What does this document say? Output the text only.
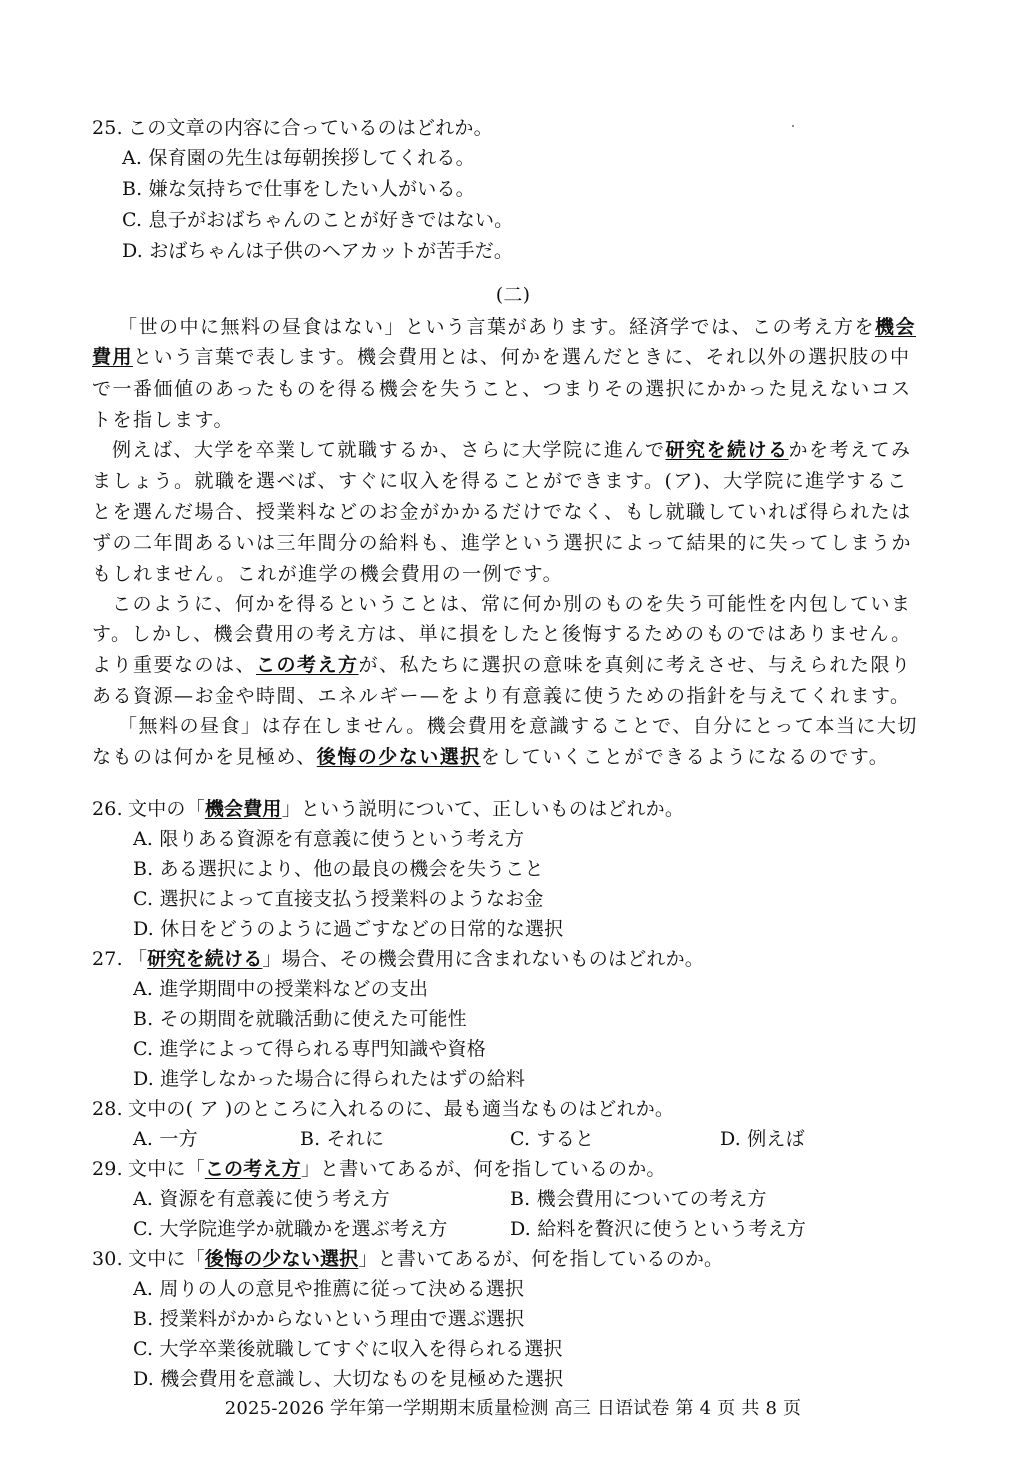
25. この文章の内容に合っているのはどれか。
A. 保育園の先生は毎朝挨拶してくれる。
B. 嫌な気持ちで仕事をしたい人がいる。
C. 息子がおばちゃんのことが好きではない。
D. おばちゃんは子供のヘアカットが苦手だ。
(二)
「世の中に無料の昼食はない」という言葉があります。経済学では、この考え方を機会
費用という言葉で表します。機会費用とは、何かを選んだときに、それ以外の選択肢の中
で一番価値のあったものを得る機会を失うこと、つまりその選択にかかった見えないコス
トを指します。
例えば、大学を卒業して就職するか、さらに大学院に進んで研究を続けるかを考えてみ
ましょう。就職を選べば、すぐに収入を得ることができます。(ア)、大学院に進学するこ
とを選んだ場合、授業料などのお金がかかるだけでなく、もし就職していれば得られたは
ずの二年間あるいは三年間分の給料も、進学という選択によって結果的に失ってしまうか
もしれません。これが進学の機会費用の一例です。
このように、何かを得るということは、常に何か別のものを失う可能性を内包していま
す。しかし、機会費用の考え方は、単に損をしたと後悔するためのものではありません。
より重要なのは、この考え方が、私たちに選択の意味を真剣に考えさせ、与えられた限り
ある資源—お金や時間、エネルギー—をより有意義に使うための指針を与えてくれます。
「無料の昼食」は存在しません。機会費用を意識することで、自分にとって本当に大切
なものは何かを見極め、後悔の少ない選択をしていくことができるようになるのです。
26. 文中の「機会費用」という説明について、正しいものはどれか。
A. 限りある資源を有意義に使うという考え方
B. ある選択により、他の最良の機会を失うこと
C. 選択によって直接支払う授業料のようなお金
D. 休日をどうのように過ごすなどの日常的な選択
27. 「研究を続ける」場合、その機会費用に含まれないものはどれか。
A. 進学期間中の授業料などの支出
B. その期間を就職活動に使えた可能性
C. 進学によって得られる専門知識や資格
D. 進学しなかった場合に得られたはずの給料
28. 文中の( ア )のところに入れるのに、最も適当なものはどれか。
A. 一方	B. それに	C. すると	D. 例えば
29. 文中に「この考え方」と書いてあるが、何を指しているのか。
A. 資源を有意義に使う考え方	B. 機会費用についての考え方
C. 大学院進学か就職かを選ぶ考え方	D. 給料を贅沢に使うという考え方
30. 文中に「後悔の少ない選択」と書いてあるが、何を指しているのか。
A. 周りの人の意見や推薦に従って決める選択
B. 授業料がかからないという理由で選ぶ選択
C. 大学卒業後就職してすぐに収入を得られる選択
D. 機会費用を意識し、大切なものを見極めた選択
2025-2026 学年第一学期期末质量检测 高三 日语试卷 第 4 页 共 8 页
